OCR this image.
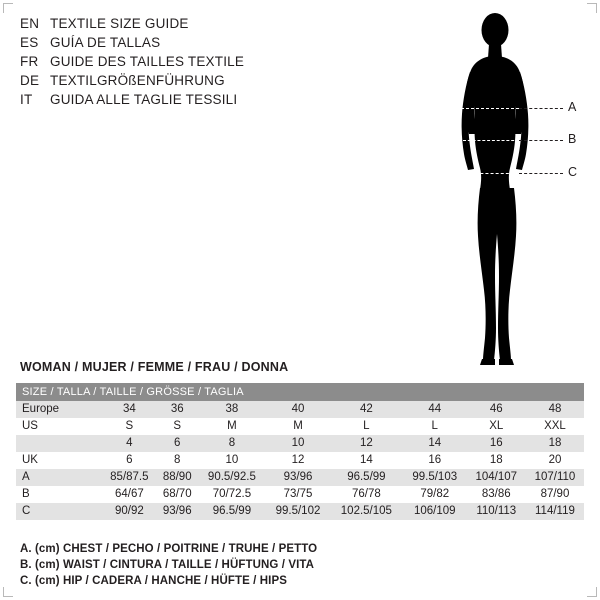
EN TEXTILE SIZE GUIDE
ES GUÍA DE TALLAS
FR GUIDE DES TAILLES TEXTILE
DE TEXTILGRÖßENFÜHRUNG
IT	GUIDA ALLE TAGLIE TESSILI	A
B
C
WOMAN / MUJER / FEMME / FRAU / DONNA
SIZE / TALLA / TAILLE / GRÖSSE / TAGLIA								
Europe	34	36	38	40	42	44	46	48
US	S	S	M	M	L	L	XL	XXL
	4	6	8	10	12	14	16	18
UK	6	8	10	12	14	16	18	20
A	85/87.5	88/90	90.5/92.5	93/96	96.5/99	99.5/103	104/107	107/110
B	64/67	68/70	70/72.5	73/75	76/78	79/82	83/86	87/90
C	90/92	93/96	96.5/99	99.5/102	102.5/105	106/109	110/113	114/119
A. (cm) CHEST / PECHO / POITRINE / TRUHE / PETTO
B. (cm) WAIST / CINTURA / TAILLE / HÜFTUNG / VITA
C. (cm) HIP / CADERA / HANCHE / HÜFTE / HIPS
